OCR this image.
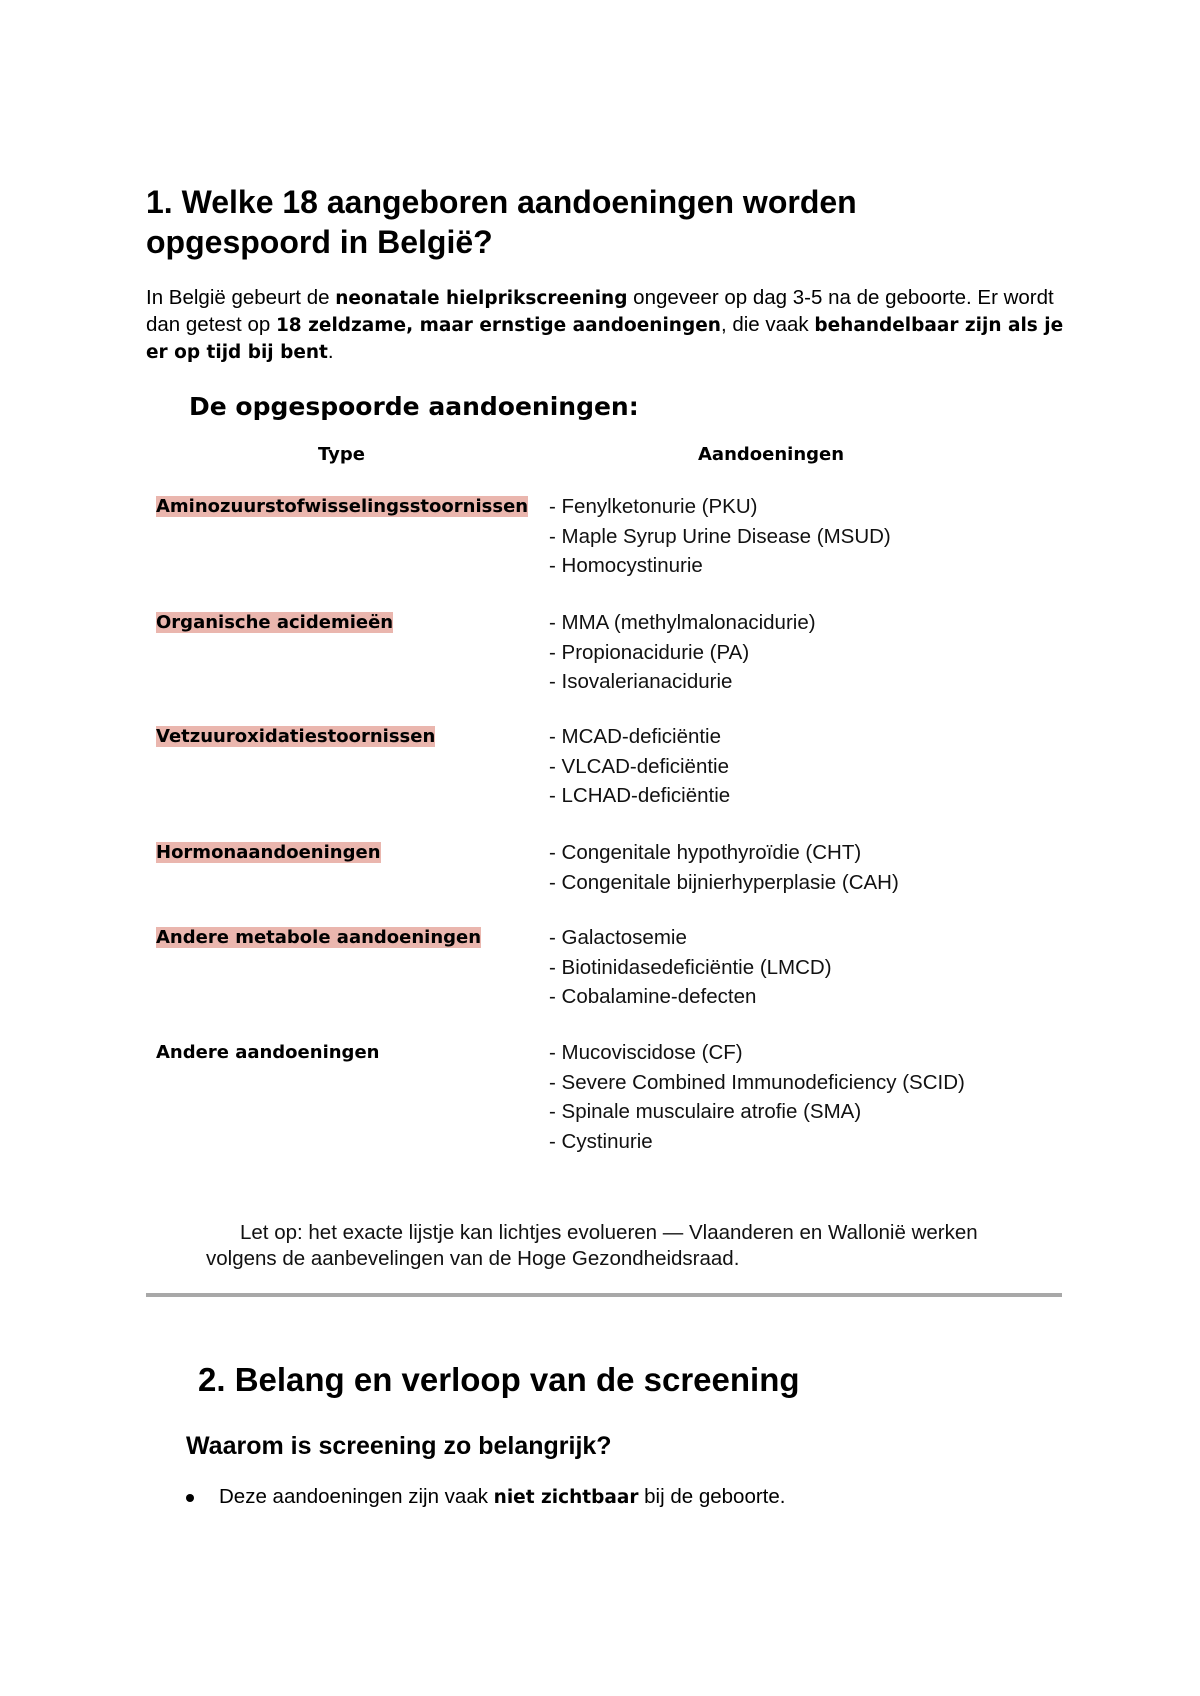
1. Welke 18 aangeboren aandoeningen worden opgespoord in België?

In België gebeurt de neonatale hielprikscreening ongeveer op dag 3-5 na de geboorte. Er wordt dan getest op 18 zeldzame, maar ernstige aandoeningen, die vaak behandelbaar zijn als je er op tijd bij bent.

De opgespoorde aandoeningen:
Type	Aandoeningen
Aminozuurstofwisselingsstoornissen	- Fenylketonurie (PKU)
- Maple Syrup Urine Disease (MSUD)
- Homocystinurie
Organische acidemieën	- MMA (methylmalonacidurie)
- Propionacidurie (PA)
- Isovalerianacidurie
Vetzuuroxidatiestoornissen	- MCAD-deficiëntie
- VLCAD-deficiëntie
- LCHAD-deficiëntie
Hormonaandoeningen	- Congenitale hypothyroïdie (CHT)
- Congenitale bijnierhyperplasie (CAH)
Andere metabole aandoeningen	- Galactosemie
- Biotinidasedeficiëntie (LMCD)
- Cobalamine-defecten
Andere aandoeningen	- Mucoviscidose (CF)
- Severe Combined Immunodeficiency (SCID)
- Spinale musculaire atrofie (SMA)
- Cystinurie

Let op: het exacte lijstje kan lichtjes evolueren — Vlaanderen en Wallonië werken volgens de aanbevelingen van de Hoge Gezondheidsraad.

2. Belang en verloop van de screening
Waarom is screening zo belangrijk?
Deze aandoeningen zijn vaak niet zichtbaar bij de geboorte.
